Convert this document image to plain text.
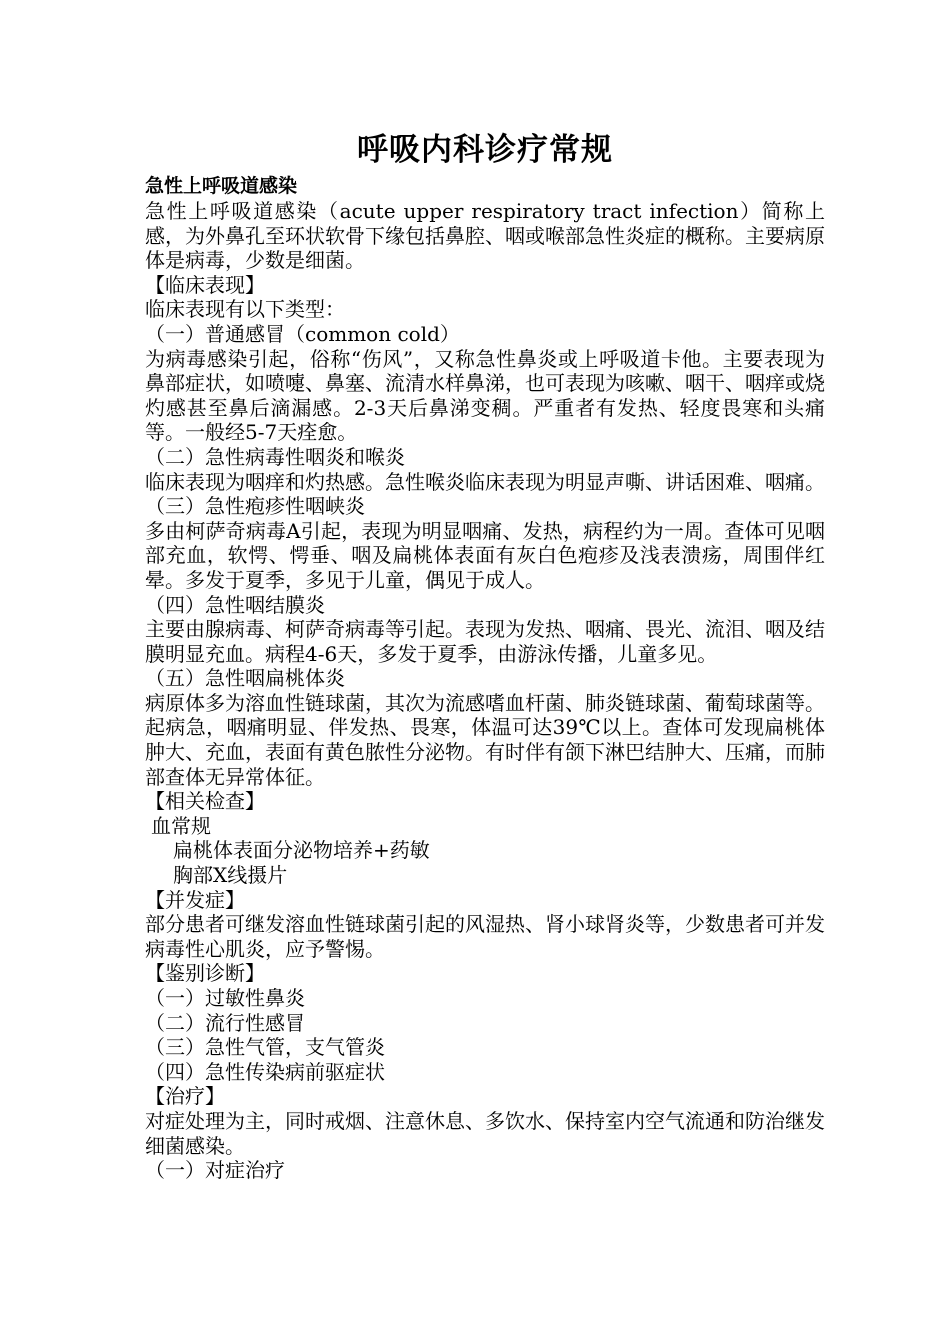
呼吸内科诊疗常规
急性上呼吸道感染
急性上呼吸道感染（acute upper respiratory tract infection）简称上感，为外鼻孔至环状软骨下缘包括鼻腔、咽或喉部急性炎症的概称。主要病原体是病毒，少数是细菌。
【临床表现】
临床表现有以下类型：
（一）普通感冒（common cold）
为病毒感染引起，俗称“伤风”，又称急性鼻炎或上呼吸道卡他。主要表现为鼻部症状，如喷嚏、鼻塞、流清水样鼻涕，也可表现为咳嗽、咽干、咽痒或烧灼感甚至鼻后滴漏感。2-3天后鼻涕变稠。严重者有发热、轻度畏寒和头痛等。一般经5-7天痊愈。
（二）急性病毒性咽炎和喉炎
临床表现为咽痒和灼热感。急性喉炎临床表现为明显声嘶、讲话困难、咽痛。
（三）急性疱疹性咽峡炎
多由柯萨奇病毒A引起，表现为明显咽痛、发热，病程约为一周。查体可见咽部充血，软愕、愕垂、咽及扁桃体表面有灰白色疱疹及浅表溃疡，周围伴红晕。多发于夏季，多见于儿童，偶见于成人。
（四）急性咽结膜炎
主要由腺病毒、柯萨奇病毒等引起。表现为发热、咽痛、畏光、流泪、咽及结膜明显充血。病程4-6天，多发于夏季，由游泳传播，儿童多见。
（五）急性咽扁桃体炎
病原体多为溶血性链球菌，其次为流感嗜血杆菌、肺炎链球菌、葡萄球菌等。起病急，咽痛明显、伴发热、畏寒，体温可达39℃以上。查体可发现扁桃体肿大、充血，表面有黄色脓性分泌物。有时伴有颌下淋巴结肿大、压痛，而肺部查体无异常体征。
【相关检查】
血常规
扁桃体表面分泌物培养+药敏
胸部X线摄片
【并发症】
部分患者可继发溶血性链球菌引起的风湿热、肾小球肾炎等，少数患者可并发病毒性心肌炎，应予警惕。
【鉴别诊断】
（一）过敏性鼻炎
（二）流行性感冒
（三）急性气管，支气管炎
（四）急性传染病前驱症状
【治疗】
对症处理为主，同时戒烟、注意休息、多饮水、保持室内空气流通和防治继发细菌感染。
（一）对症治疗
